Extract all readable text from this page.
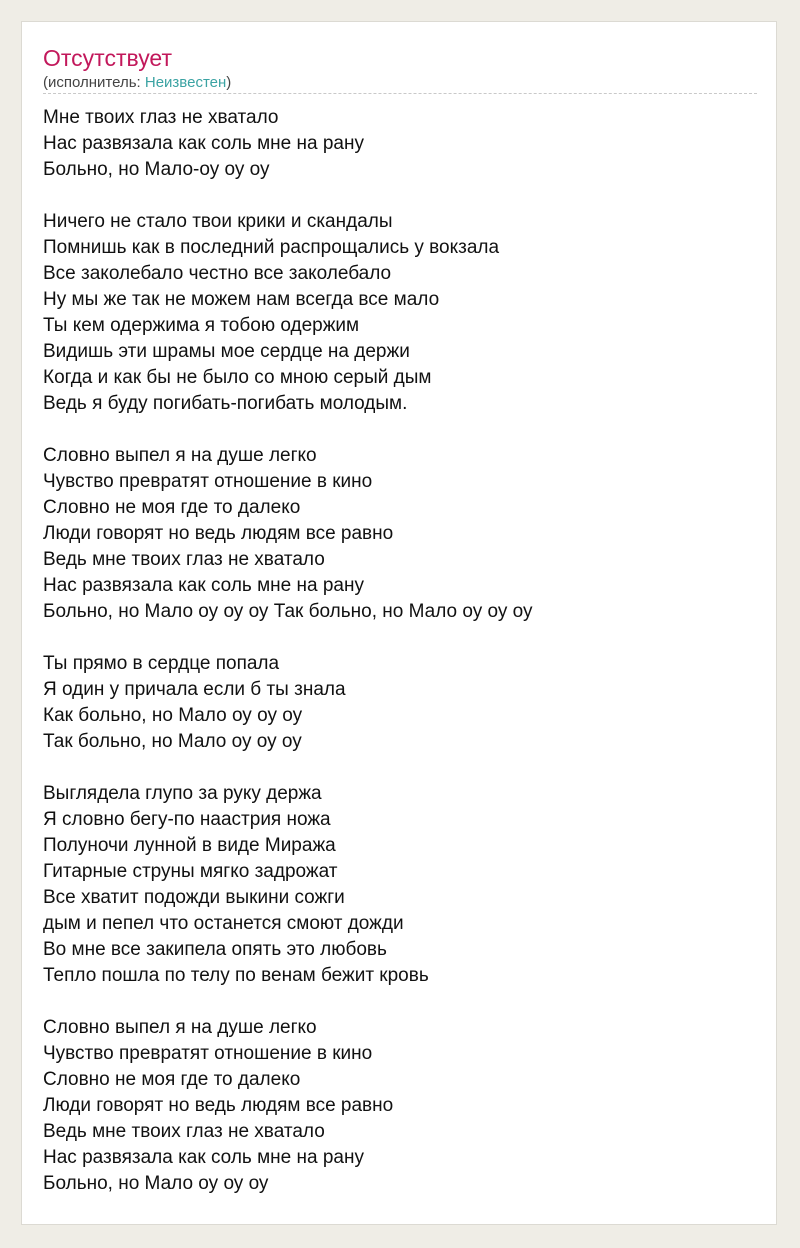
Отсутствует
(исполнитель: Неизвестен)
Мне твоих глаз не хватало
Нас развязала как соль мне на рану
Больно, но Мало-оу оу оу
Ничего не стало твои крики и скандалы
Помнишь как в последний распрощались у вокзала
Все заколебало честно все заколебало
Ну мы же так не можем нам всегда все мало
Ты кем одержима я тобою одержим
Видишь эти шрамы мое сердце на держи
Когда и как бы не было со мною серый дым
Ведь я буду погибать-погибать молодым.
Словно выпел я на душе легко
Чувство превратят отношение в кино
Словно не моя где то далеко
Люди говорят но ведь людям все равно
Ведь мне твоих глаз не хватало
Нас развязала как соль мне на рану
Больно, но Мало оу оу оу Так больно, но Мало оу оу оу
Ты прямо в сердце попала
Я один у причала если б ты знала
Как больно, но Мало оу оу оу
Так больно, но Мало оу оу оу
Выглядела глупо за руку держа
Я словно бегу-по наастрия ножа
Полуночи лунной в виде Миража
Гитарные струны мягко задрожат
Все хватит подожди выкини сожги
дым и пепел что останется смоют дожди
Во мне все закипела опять это любовь
Тепло пошла по телу по венам бежит кровь
Словно выпел я на душе легко
Чувство превратят отношение в кино
Словно не моя где то далеко
Люди говорят но ведь людям все равно
Ведь мне твоих глаз не хватало
Нас развязала как соль мне на рану
Больно, но Мало оу оу оу
